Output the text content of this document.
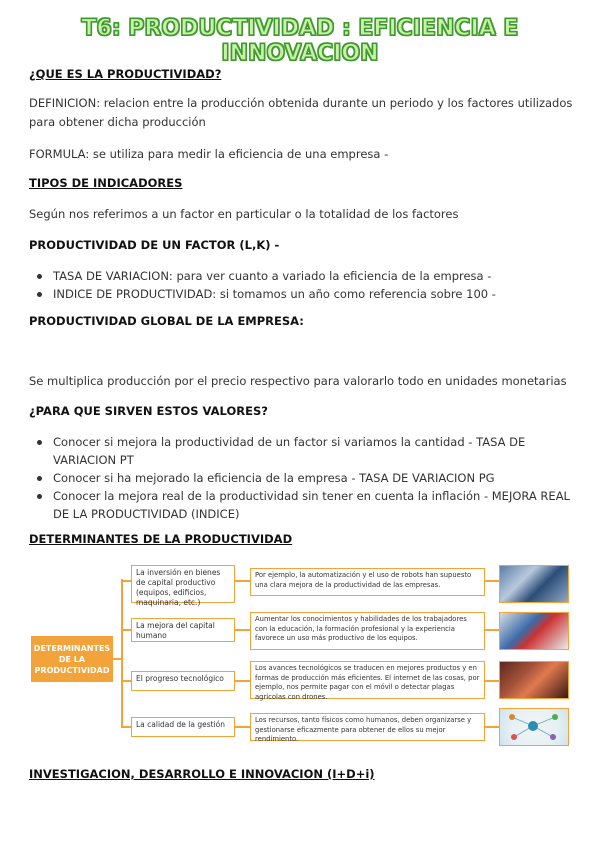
T6: PRODUCTIVIDAD : EFICIENCIA E INNOVACION
¿QUE ES LA PRODUCTIVIDAD?
DEFINICION: relacion entre la producción obtenida durante un periodo y los factores utilizados para obtener dicha producción
FORMULA: se utiliza para medir la eficiencia de una empresa -
TIPOS DE INDICADORES
Según nos referimos a un factor en particular o la totalidad de los factores
PRODUCTIVIDAD DE UN FACTOR (L,K) -
TASA DE VARIACION: para ver cuanto a variado la eficiencia de la empresa -
INDICE DE PRODUCTIVIDAD: si tomamos un año como referencia sobre 100 -
PRODUCTIVIDAD GLOBAL DE LA EMPRESA:
Se multiplica producción por el precio respectivo para valorarlo todo en unidades monetarias
¿PARA QUE SIRVEN ESTOS VALORES?
Conocer si mejora la productividad de un factor si variamos la cantidad - TASA DE VARIACION PT
Conocer si ha mejorado la eficiencia de la empresa - TASA DE VARIACION PG
Conocer la mejora real de la productividad sin tener en cuenta la inflación - MEJORA REAL DE LA PRODUCTIVIDAD (INDICE)
DETERMINANTES DE LA PRODUCTIVIDAD
DETERMINANTES DE LA PRODUCTIVIDAD
La inversión en bienes de capital productivo (equipos, edificios, maquinaria, etc.)
Por ejemplo, la automatización y el uso de robots han supuesto una clara mejora de la productividad de las empresas.
La mejora del capital humano
Aumentar los conocimientos y habilidades de los trabajadores con la educación, la formación profesional y la experiencia favorece un uso más productivo de los equipos.
El progreso tecnológico
Los avances tecnológicos se traducen en mejores productos y en formas de producción más eficientes. El internet de las cosas, por ejemplo, nos permite pagar con el móvil o detectar plagas agrícolas con drones.
La calidad de la gestión	Los recursos, tanto físicos como humanos, deben organizarse y gestionarse eficazmente para obtener de ellos su mejor rendimiento.
INVESTIGACION, DESARROLLO E INNOVACION (I+D+i)
